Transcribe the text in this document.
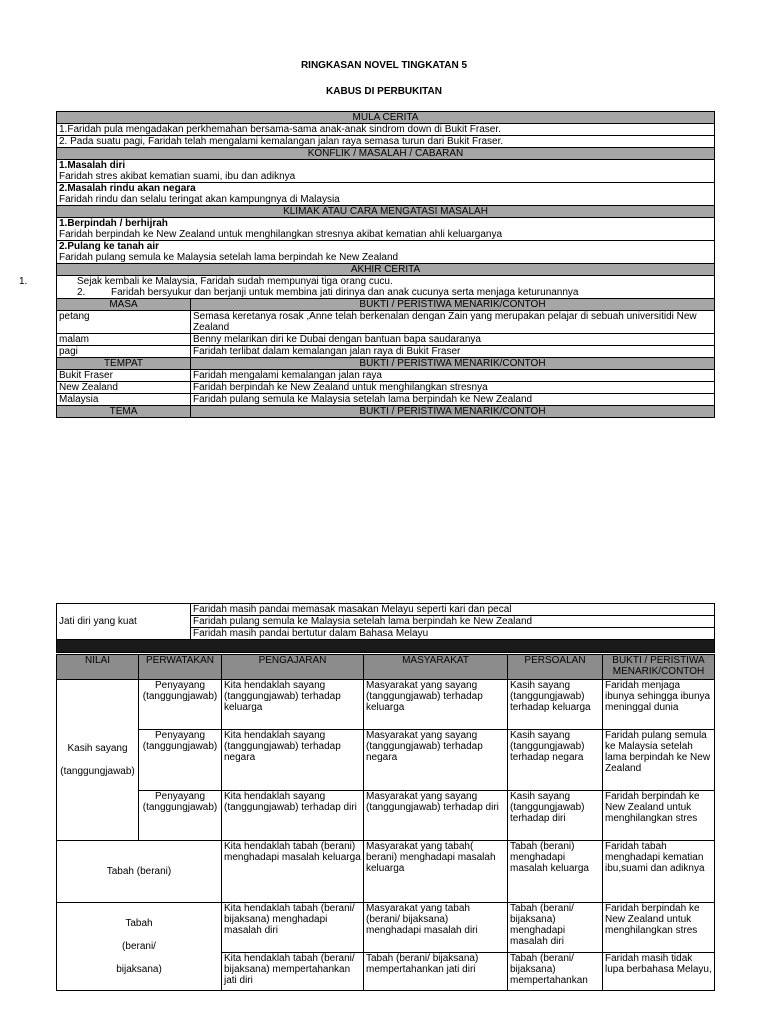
RINGKASAN NOVEL TINGKATAN 5
KABUS DI PERBUKITAN
MULA CERITA	
1.Faridah pula mengadakan perkhemahan bersama-sama anak-anak sindrom down di Bukit Fraser.	
2. Pada suatu pagi, Faridah telah mengalami kemalangan jalan raya semasa turun dari Bukit Fraser.	
KONFLIK / MASALAH / CABARAN	

1.Masalah diri
Faridah stres akibat kematian suami, ibu dan adiknya	

2.Masalah rindu akan negara
Faridah rindu dan selalu teringat akan kampungnya di Malaysia	

KLIMAK ATAU CARA MENGATASI MASALAH	

1.Berpindah / berhijrah
Faridah berpindah ke New Zealand untuk menghilangkan stresnya akibat kematian ahli keluarganya	

2.Pulang ke tanah air
Faridah pulang semula ke Malaysia setelah lama berpindah ke New Zealand	

AKHIR CERITA	

1. Sejak kembali ke Malaysia, Faridah sudah mempunyai tiga orang cucu.
2. Faridah bersyukur dan berjanji untuk membina jati dirinya dan anak cucunya serta menjaga keturunannya	

MASA	BUKTI / PERISTIWA MENARIK/CONTOH
petang	Semasa keretanya rosak ,Anne telah berkenalan dengan Zain yang merupakan pelajar di sebuah universitidi New Zealand
malam	Benny melarikan diri ke Dubai dengan bantuan bapa saudaranya
pagi	Faridah terlibat dalam kemalangan jalan raya di Bukit Fraser
TEMPAT	BUKTI / PERISTIWA MENARIK/CONTOH
Bukit Fraser	Faridah mengalami kemalangan jalan raya
New Zealand	Faridah berpindah ke New Zealand untuk menghilangkan stresnya
Malaysia	Faridah pulang semula ke Malaysia setelah lama berpindah ke New Zealand
TEMA	BUKTI / PERISTIWA MENARIK/CONTOH
Jati diri yang kuat	Faridah masih pandai memasak masakan Melayu seperti kari dan pecal
Faridah pulang semula ke Malaysia setelah lama berpindah ke New Zealand
Faridah masih pandai bertutur dalam Bahasa Melayu

NILAI	PERWATAKAN	PENGAJARAN	MASYARAKAT	PERSOALAN	BUKTI / PERISTIWA MENARIK/CONTOH

Kasih sayang
(tanggungjawab)	Penyayang (tanggungjawab)	Kita hendaklah sayang (tanggungjawab) terhadap keluarga	Masyarakat yang sayang (tanggungjawab) terhadap keluarga	Kasih sayang (tanggungjawab) terhadap keluarga	Faridah menjaga ibunya sehingga ibunya meninggal dunia
	Penyayang (tanggungjawab)	Kita hendaklah sayang (tanggungjawab) terhadap negara	Masyarakat yang sayang (tanggungjawab) terhadap negara	Kasih sayang (tanggungjawab) terhadap negara	Faridah pulang semula ke Malaysia setelah lama berpindah ke New Zealand
	Penyayang (tanggungjawab)	Kita hendaklah sayang (tanggungjawab) terhadap diri	Masyarakat yang sayang (tanggungjawab) terhadap diri	Kasih sayang (tanggungjawab) terhadap diri	Faridah berpindah ke New Zealand untuk menghilangkan stres
Tabah (berani)		Kita hendaklah tabah (berani) menghadapi masalah keluarga	Masyarakat yang tabah( berani) menghadapi masalah keluarga	Tabah (berani) menghadapi masalah keluarga	Faridah tabah menghadapi kematian ibu,suami dan adiknya

Tabah
(berani/
bijaksana)		Kita hendaklah tabah (berani/ bijaksana) menghadapi masalah diri	Masyarakat yang tabah (berani/ bijaksana) menghadapi masalah diri	Tabah (berani/ bijaksana) menghadapi masalah diri	Faridah berpindah ke New Zealand untuk menghilangkan stres
		Kita hendaklah tabah (berani/ bijaksana) mempertahankan jati diri	Tabah (berani/ bijaksana) mempertahankan jati diri	Tabah (berani/ bijaksana) mempertahankan	Faridah masih tidak lupa berbahasa Melayu,
